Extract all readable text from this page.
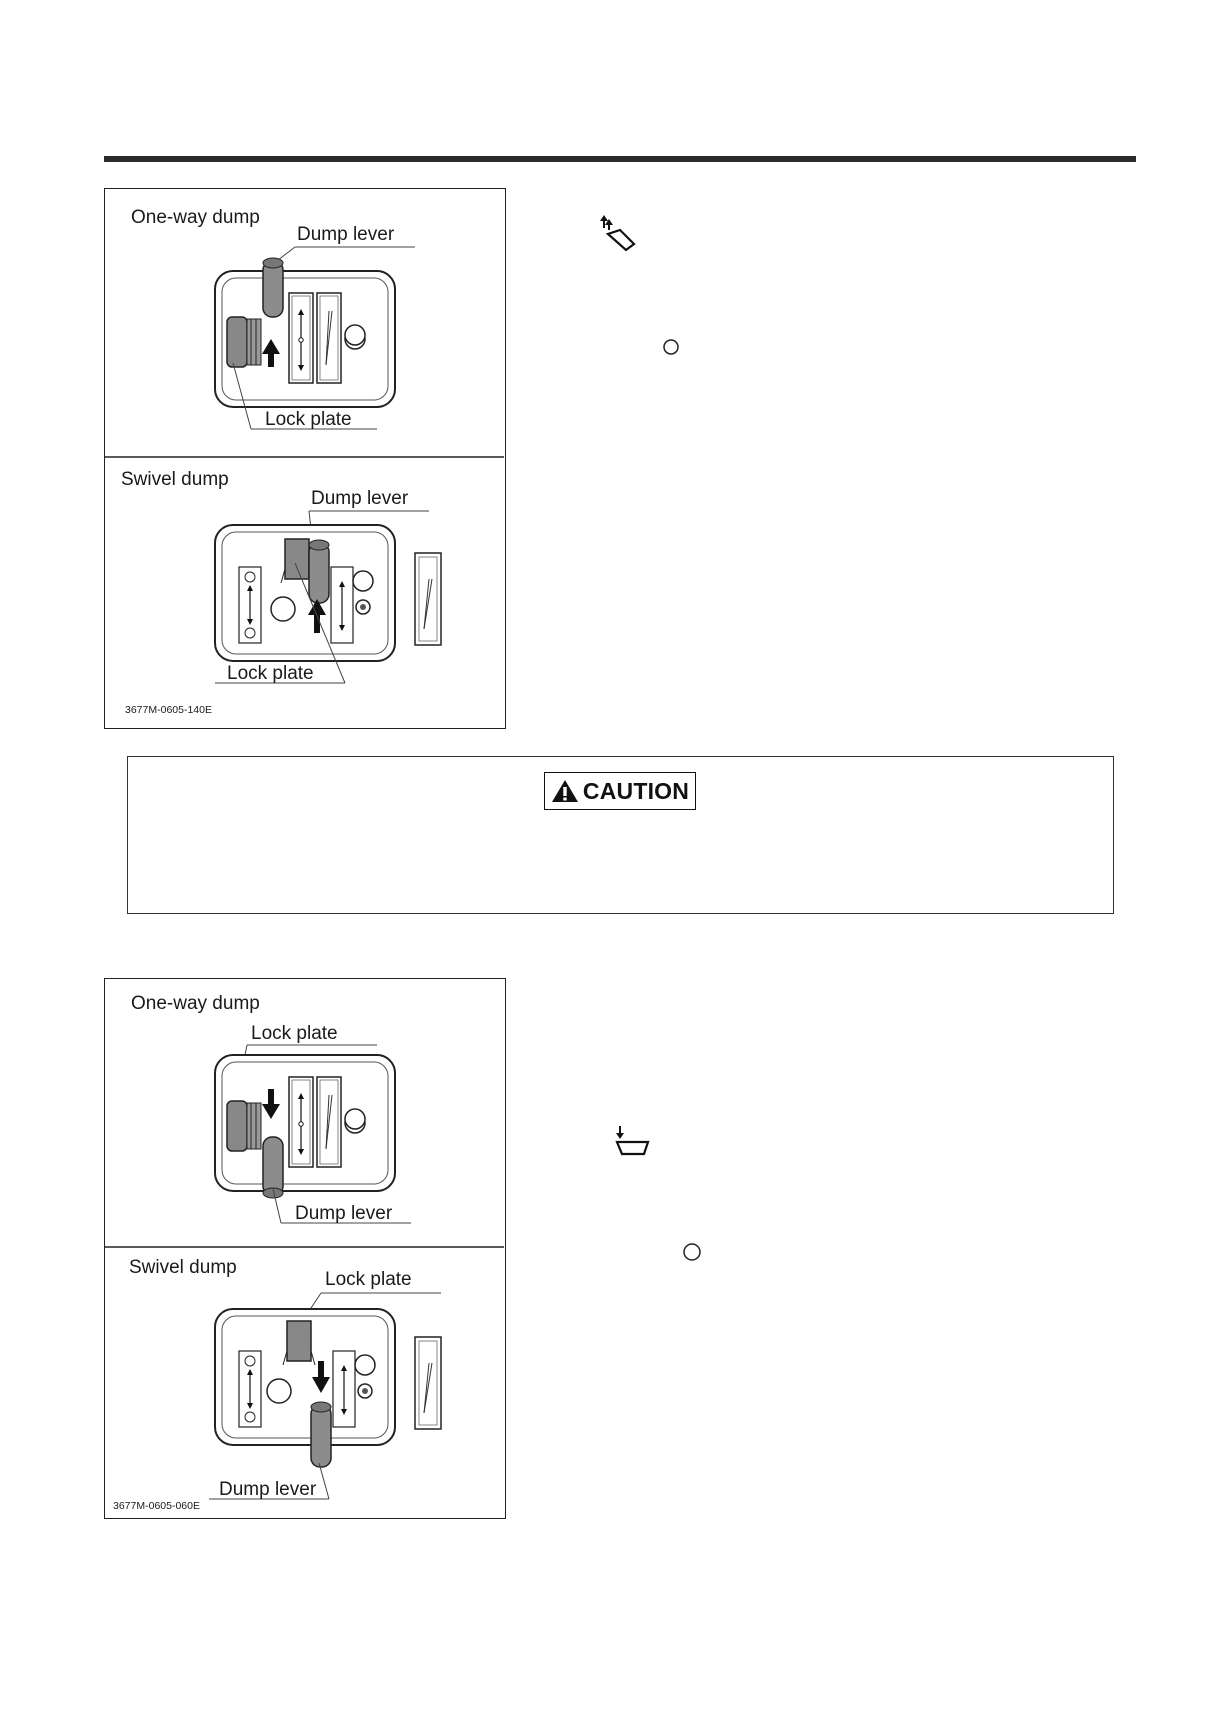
One-way dump
Dump lever
Lock plate
Swivel dump
Dump lever
Lock plate
3677M-0605-140E
CAUTION
One-way dump
Lock plate
Dump lever
Swivel dump
Lock plate
Dump lever
3677M-0605-060E
